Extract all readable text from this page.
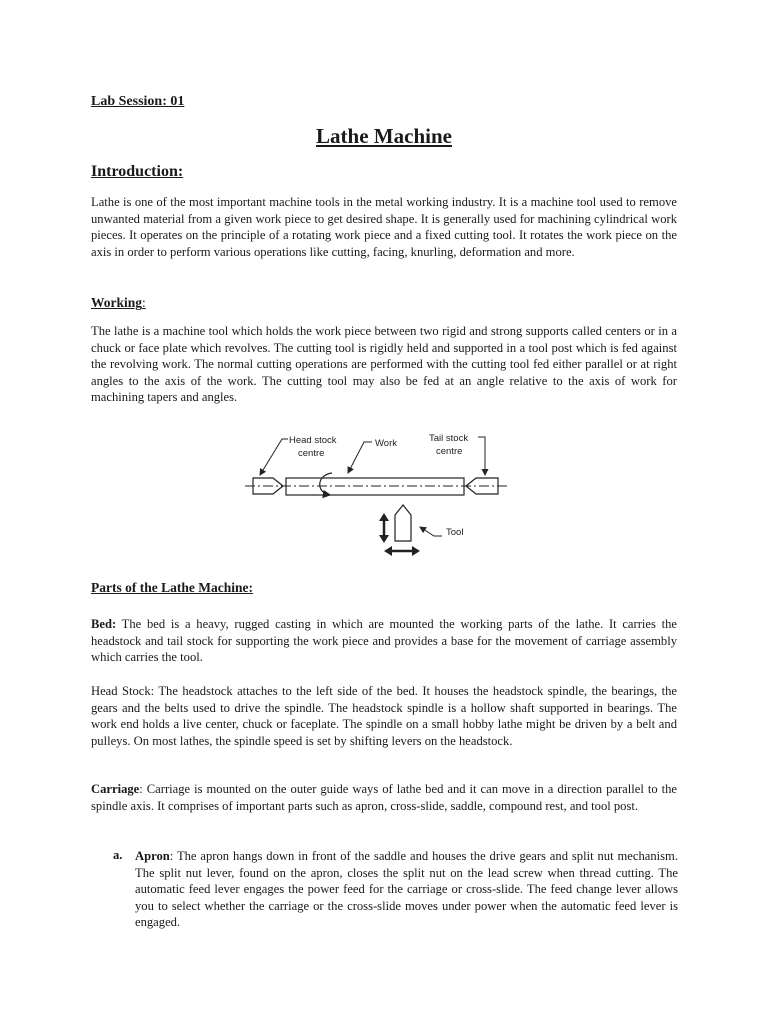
Lab Session: 01
Lathe Machine
Introduction:

Lathe is one of the most important machine tools in the metal working industry. It is a machine tool used to remove unwanted material from a given work piece to get desired shape. It is generally used for machining cylindrical work pieces. It operates on the principle of a rotating work piece and a fixed cutting tool. It rotates the work piece on the axis in order to perform various operations like cutting, facing, knurling, deformation and more.

Working:

The lathe is a machine tool which holds the work piece between two rigid and strong supports called centers or in a chuck or face plate which revolves. The cutting tool is rigidly held and supported in a tool post which is fed against the revolving work. The normal cutting operations are performed with the cutting tool fed either parallel or at right angles to the axis of the work. The cutting tool may also be fed at an angle relative to the axis of work for machining tapers and angles.

Head stock
centre
Work	Tail stock
centre
Tool
Parts of the Lathe Machine:

Bed: The bed is a heavy, rugged casting in which are mounted the working parts of the lathe. It carries the headstock and tail stock for supporting the work piece and provides a base for the movement of carriage assembly which carries the tool.

Head Stock: The headstock attaches to the left side of the bed. It houses the headstock spindle, the bearings, the gears and the belts used to drive the spindle. The headstock spindle is a hollow shaft supported in bearings. The work end holds a live center, chuck or faceplate. The spindle on a small hobby lathe might be driven by a belt and pulleys. On most lathes, the spindle speed is set by shifting levers on the headstock.

Carriage: Carriage is mounted on the outer guide ways of lathe bed and it can move in a direction parallel to the spindle axis. It comprises of important parts such as apron, cross-slide, saddle, compound rest, and tool post.

a. Apron: The apron hangs down in front of the saddle and houses the drive gears and split nut mechanism. The split nut lever, found on the apron, closes the split nut on the lead screw when thread cutting. The automatic feed lever engages the power feed for the carriage or cross-slide. The feed change lever allows you to select whether the carriage or the cross-slide moves under power when the automatic feed lever is engaged.
